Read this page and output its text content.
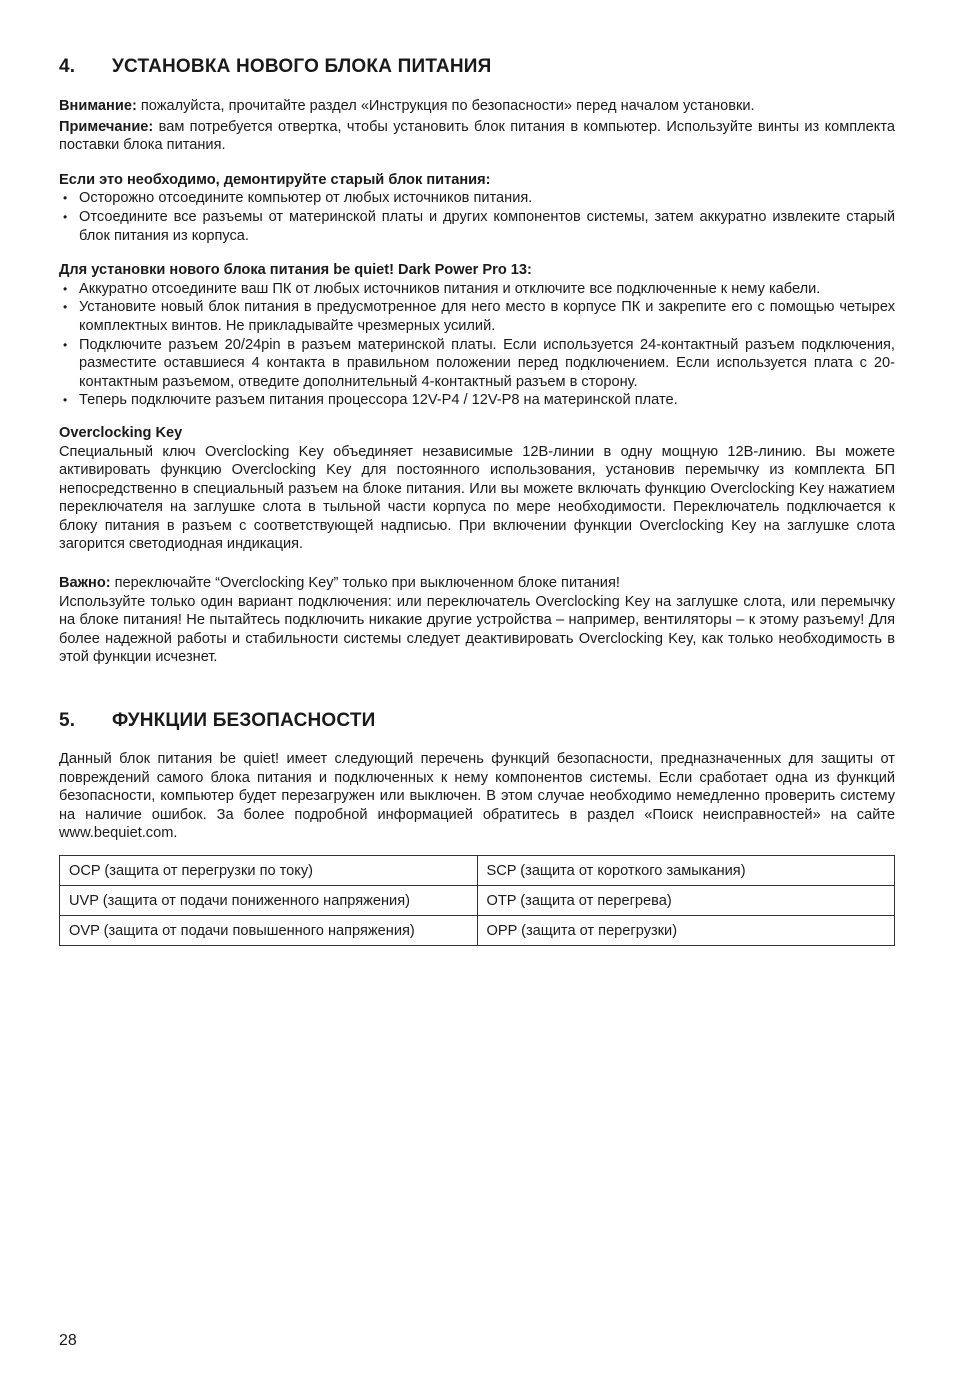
4. УСТАНОВКА НОВОГО БЛОКА ПИТАНИЯ

Внимание: пожалуйста, прочитайте раздел «Инструкция по безопасности» перед началом установки.

Примечание: вам потребуется отвертка, чтобы установить блок питания в компьютер. Используйте винты из комплекта поставки блока питания.

Если это необходимо, демонтируйте старый блок питания:

• Осторожно отсоедините компьютер от любых источников питания.
• Отсоедините все разъемы от материнской платы и других компонентов системы, затем аккуратно извлеките старый блок питания из корпуса.

Для установки нового блока питания be quiet! Dark Power Pro 13:

• Аккуратно отсоедините ваш ПК от любых источников питания и отключите все подключенные к нему кабели.
• Установите новый блок питания в предусмотренное для него место в корпусе ПК и закрепите его с помощью четырех комплектных винтов. Не прикладывайте чрезмерных усилий.
• Подключите разъем 20/24pin в разъем материнской платы. Если используется 24-контактный разъем подключения, разместите оставшиеся 4 контакта в правильном положении перед подключением. Если используется плата с 20-контактным разъемом, отведите дополнительный 4-контактный разъем в сторону.
• Теперь подключите разъем питания процессора 12V-P4 / 12V-P8 на материнской плате.

Overclocking Key

Специальный ключ Overclocking Key объединяет независимые 12В-линии в одну мощную 12В-линию. Вы можете активировать функцию Overclocking Key для постоянного использования, установив перемычку из комплекта БП непосредственно в специальный разъем на блоке питания. Или вы можете включать функцию Overclocking Key нажатием переключателя на заглушке слота в тыльной части корпуса по мере необходимости. Переключатель подключается к блоку питания в разъем с соответствующей надписью. При включении функции Overclocking Key на заглушке слота загорится светодиодная индикация.

Важно: переключайте “Overclocking Key” только при выключенном блоке питания!

Используйте только один вариант подключения: или переключатель Overclocking Key на заглушке слота, или перемычку на блоке питания! Не пытайтесь подключить никакие другие устройства – например, вентиляторы – к этому разъему! Для более надежной работы и стабильности системы следует деактивировать Overclocking Key, как только необходимость в этой функции исчезнет.

5. ФУНКЦИИ БЕЗОПАСНОСТИ

Данный блок питания be quiet! имеет следующий перечень функций безопасности, предназначенных для защиты от повреждений самого блока питания и подключенных к нему компонентов системы. Если сработает одна из функций безопасности, компьютер будет перезагружен или выключен. В этом случае необходимо немедленно проверить систему на наличие ошибок. За более подробной информацией обратитесь в раздел «Поиск неисправностей» на сайте www.bequiet.com.

OCP (защита от перегрузки по току)	SCP (защита от короткого замыкания)
UVP (защита от подачи пониженного напряжения)	OTP (защита от перегрева)
OVP (защита от подачи повышенного напряжения)	OPP (защита от перегрузки)
28
